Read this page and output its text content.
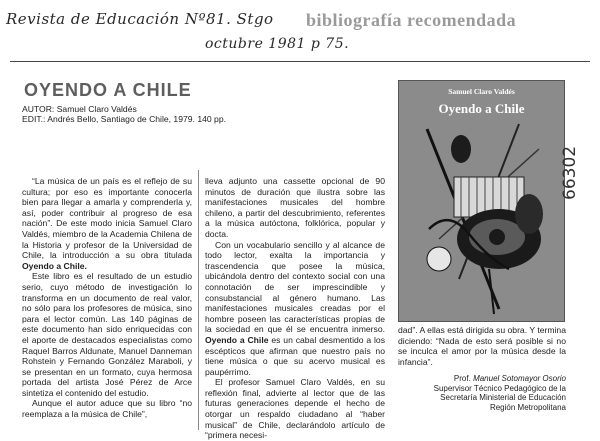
Revista de Educación Nº81. Stgo
octubre 1981 p 75.
bibliografía recomendada
OYENDO A CHILE
AUTOR: Samuel Claro Valdés
EDIT.: Andrés Bello, Santiago de Chile, 1979. 140 pp.

“La música de un país es el reflejo de su cultura; por eso es importante conocerla bien para llegar a amarla y comprenderla y, así, poder contribuir al progreso de esa nación”. De este modo inicia Samuel Claro Valdés, miembro de la Academia Chilena de la Historia y profesor de la Universidad de Chile, la introducción a su obra titulada Oyendo a Chile.

Este libro es el resultado de un estudio serio, cuyo método de investigación lo transforma en un documento de real valor, no sólo para los profesores de música, sino para el lector común. Las 140 páginas de este documento han sido enriquecidas con el aporte de destacados especialistas como Raquel Barros Aldunate, Manuel Danneman Rohstein y Fernando González Maraboli, y se presentan en un formato, cuya hermosa portada del artista José Pérez de Arce sintetiza el contenido del estudio.

Aunque el autor aduce que su libro “no reemplaza a la música de Chile”,

lleva adjunto una cassette opcional de 90 minutos de duración que ilustra sobre las manifestaciones musicales del hombre chileno, a partir del descubrimiento, referentes a la música autóctona, folklórica, popular y docta.

Con un vocabulario sencillo y al alcance de todo lector, exalta la importancia y trascendencia que posee la música, ubicándola dentro del contexto social con una connotación de ser imprescindible y consubstancial al género humano. Las manifestaciones musicales creadas por el hombre poseen las características propias de la sociedad en que él se encuentra inmerso. Oyendo a Chile es un cabal desmentido a los escépticos que afirman que nuestro país no tiene música o que su acervo musical es paupérrimo.

El profesor Samuel Claro Valdés, en su reflexión final, advierte al lector que de las futuras generaciones depende el hecho de otorgar un respaldo ciudadano al “haber musical” de Chile, declarándolo artículo de “primera necesi-

Samuel Claro Valdés
Oyendo a Chile
66302

dad”. A ellas está dirigida su obra. Y termina diciendo: “Nada de esto será posible si no se inculca el amor por la música desde la infancia”.

Prof. Manuel Sotomayor Osorio
Supervisor Técnico Pedagógico de la
Secretaría Ministerial de Educación
Región Metropolitana
